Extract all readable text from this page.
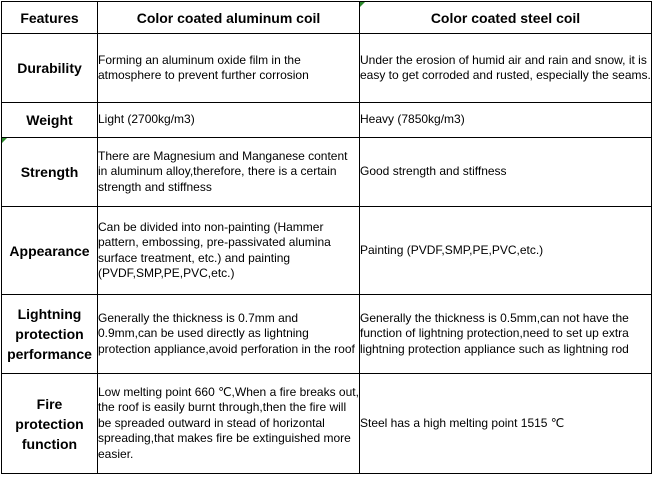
Features	Color coated aluminum coil	Color coated steel coil
Durability	Forming an aluminum oxide film in the atmosphere to prevent further corrosion	Under the erosion of humid air and rain and snow, it is easy to get corroded and rusted, especially the seams.
Weight	Light (2700kg/m3)	Heavy (7850kg/m3)

Strength	There are Magnesium and Manganese content in aluminum alloy,therefore, there is a certain strength and stiffness	Good strength and stiffness
Appearance	Can be divided into non-painting (Hammer pattern, embossing, pre-passivated alumina surface treatment, etc.) and painting (PVDF,SMP,PE,PVC,etc.)	Painting (PVDF,SMP,PE,PVC,etc.)
Lightning protection performance	Generally the thickness is 0.7mm and 0.9mm,can be used directly as lightning protection appliance,avoid perforation in the roof	Generally the thickness is 0.5mm,can not have the function of lightning protection,need to set up extra lightning protection appliance such as lightning rod
Fire protection function	Low melting point 660 ℃,When a fire breaks out, the roof is easily burnt through,then the fire will be spreaded outward in stead of horizontal spreading,that makes fire be extinguished more easier.	Steel has a high melting point 1515 ℃
